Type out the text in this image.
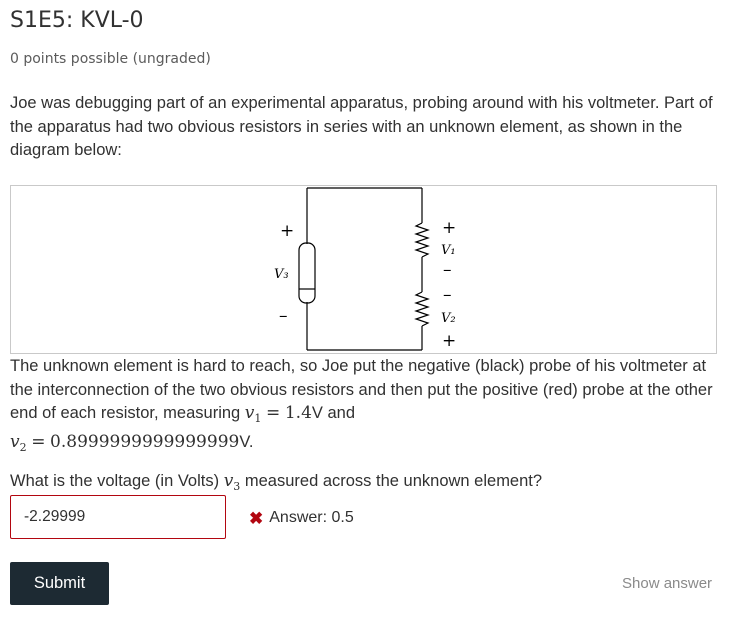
S1E5: KVL-0
0 points possible (ungraded)

Joe was debugging part of an experimental apparatus, probing around with his voltmeter. Part of the apparatus had two obvious resistors in series with an unknown element, as shown in the diagram below:

+
V₃
–
+
V₁
–
–
V₂
+

The unknown element is hard to reach, so Joe put the negative (black) probe of his voltmeter at the interconnection of the two obvious resistors and then put the positive (red) probe at the other end of each resistor, measuring $v_1 = 1.4V$ and
$v_2 = 0.8999999999999999V$.

What is the voltage (in Volts) $v_3$ measured across the unknown element?

-2.29999
✖ Answer: 0.5
Submit	Show answer
